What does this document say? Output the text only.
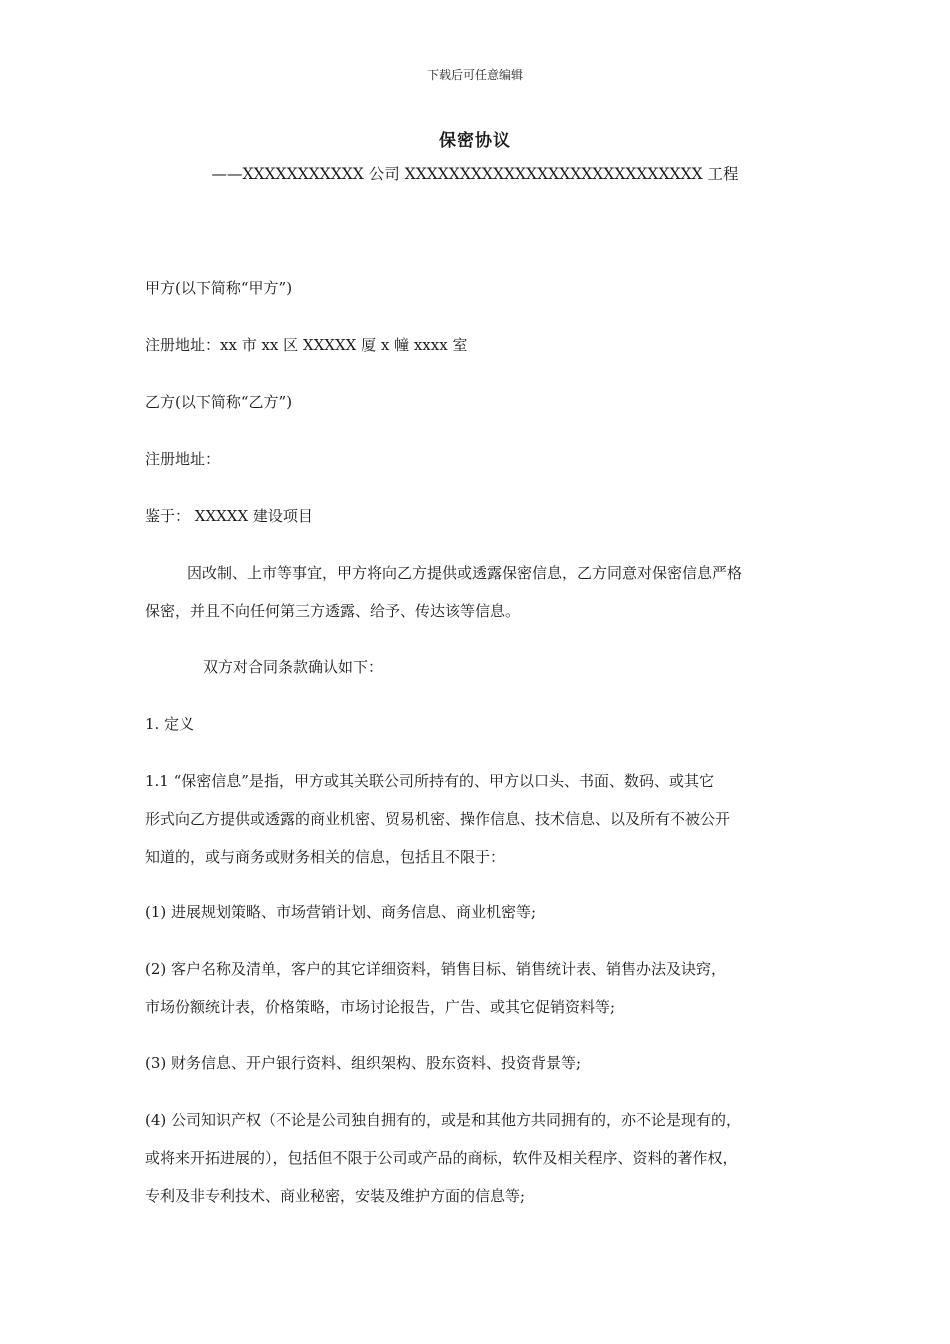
下载后可任意编辑
保密协议
——XXXXXXXXXXX 公司 XXXXXXXXXXXXXXXXXXXXXXXXXXX 工程

甲方(以下简称“甲方”)

注册地址：xx 市 xx 区 XXXXX 厦 x 幢 xxxx 室

乙方(以下简称“乙方”)

注册地址：

鉴于： XXXXX 建设项目

因改制、上市等事宜，甲方将向乙方提供或透露保密信息，乙方同意对保密信息严格

保密，并且不向任何第三方透露、给予、传达该等信息。

双方对合同条款确认如下：

1. 定义

1.1 “保密信息”是指，甲方或其关联公司所持有的、甲方以口头、书面、数码、或其它

形式向乙方提供或透露的商业机密、贸易机密、操作信息、技术信息、以及所有不被公开

知道的，或与商务或财务相关的信息，包括且不限于：

(1) 进展规划策略、市场营销计划、商务信息、商业机密等;

(2) 客户名称及清单，客户的其它详细资料，销售目标、销售统计表、销售办法及诀窍，

市场份额统计表，价格策略，市场讨论报告，广告、或其它促销资料等;

(3) 财务信息、开户银行资料、组织架构、股东资料、投资背景等;

(4) 公司知识产权（不论是公司独自拥有的，或是和其他方共同拥有的，亦不论是现有的，

或将来开拓进展的），包括但不限于公司或产品的商标，软件及相关程序、资料的著作权，

专利及非专利技术、商业秘密，安装及维护方面的信息等;
